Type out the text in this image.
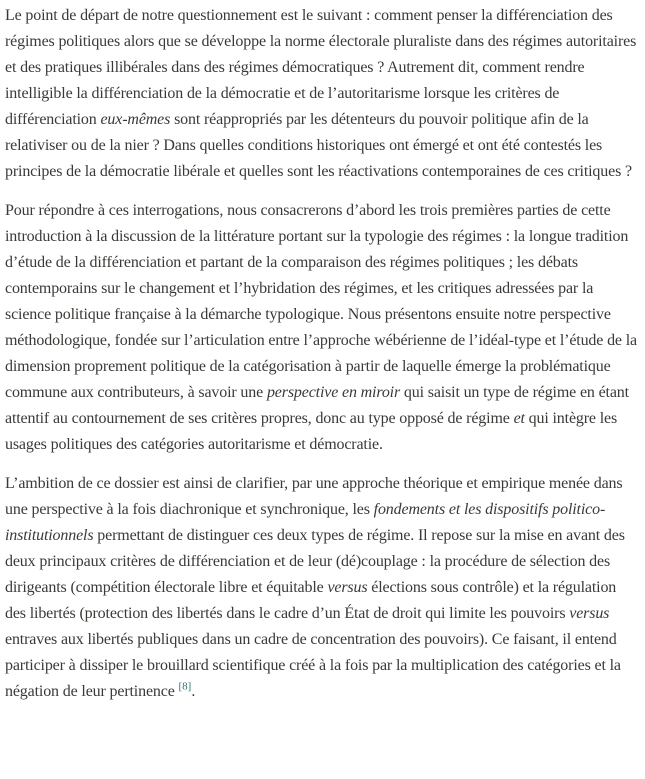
Le point de départ de notre questionnement est le suivant : comment penser la différenciation des régimes politiques alors que se développe la norme électorale pluraliste dans des régimes autoritaires et des pratiques illibérales dans des régimes démocratiques ? Autrement dit, comment rendre intelligible la différenciation de la démocratie et de l’autoritarisme lorsque les critères de différenciation eux-mêmes sont réappropriés par les détenteurs du pouvoir politique afin de la relativiser ou de la nier ? Dans quelles conditions historiques ont émergé et ont été contestés les principes de la démocratie libérale et quelles sont les réactivations contemporaines de ces critiques ?

Pour répondre à ces interrogations, nous consacrerons d’abord les trois premières parties de cette introduction à la discussion de la littérature portant sur la typologie des régimes : la longue tradition d’étude de la différenciation et partant de la comparaison des régimes politiques ; les débats contemporains sur le changement et l’hybridation des régimes, et les critiques adressées par la science politique française à la démarche typologique. Nous présentons ensuite notre perspective méthodologique, fondée sur l’articulation entre l’approche wébérienne de l’idéal-type et l’étude de la dimension proprement politique de la catégorisation à partir de laquelle émerge la problématique commune aux contributeurs, à savoir une perspective en miroir qui saisit un type de régime en étant attentif au contournement de ses critères propres, donc au type opposé de régime et qui intègre les usages politiques des catégories autoritarisme et démocratie.

L’ambition de ce dossier est ainsi de clarifier, par une approche théorique et empirique menée dans une perspective à la fois diachronique et synchronique, les fondements et les dispositifs politico-institutionnels permettant de distinguer ces deux types de régime. Il repose sur la mise en avant des deux principaux critères de différenciation et de leur (dé)couplage : la procédure de sélection des dirigeants (compétition électorale libre et équitable versus élections sous contrôle) et la régulation des libertés (protection des libertés dans le cadre d’un État de droit qui limite les pouvoirs versus entraves aux libertés publiques dans un cadre de concentration des pouvoirs). Ce faisant, il entend participer à dissiper le brouillard scientifique créé à la fois par la multiplication des catégories et la négation de leur pertinence [8].
